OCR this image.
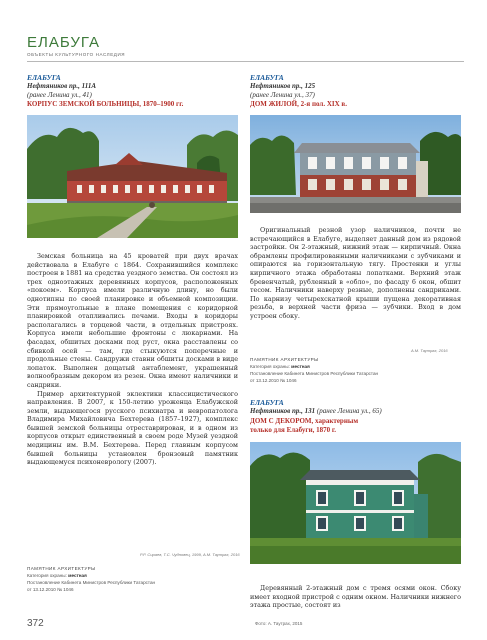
ЕЛАБУГА
ОБЪЕКТЫ КУЛЬТУРНОГО НАСЛЕДИЯ
ЕЛАБУГА
Нефтяников пр., 111А
(ранее Ленина ул., 41)
КОРПУС ЗЕМСКОЙ БОЛЬНИЦЫ, 1870–1900 гг.
ЕЛАБУГА
Нефтяников пр., 125
(ранее Ленина ул., 37)
ДОМ ЖИЛОЙ, 2-я пол. XIX в.

Земская больница на 45 кроватей при двух врачах действовала в Елабуге с 1864. Сохранившийся комплекс построен в 1881 на средства уездного земства. Он состоял из трех одноэтажных деревянных корпусов, расположенных «покоем». Корпуса имели различную длину, но были однотипны по своей планировке и объемной композиции. Эти прямоугольные в плане помещения с коридорной планировкой отапливались печами. Входы в коридоры располагались в торцевой части, в отдельных пристроях. Корпуса имели небольшие фронтоны с люкарнами. На фасадах, обшитых досками под руст, окна расставлены со сбивкой осей — там, где стыкуются поперечные и продольные стены. Сандружи ставни обшиты досками в виде лопаток. Выполнен дощатый антаблемент, украшенный волнообразным декором из резен. Окна имеют наличники и сандрики.

Пример архитектурной эклектики классицистического направления. В 2007, к 150-летию уроженца Елабужской земли, выдающегося русского психиатра и невропатолога Владимира Михайловича Бехтерева (1857–1927), комплекс бывшей земской больницы отреставрирован, и в одном из корпусов открыт единственный в своем роде Музей уездной медицины им. В.М. Бехтерева. Перед главным корпусом бывшей больницы установлен бронзовый памятник выдающемуся психоневрологу (2007).

Р.Р. Сираев, Т.С. Чудновец, 1999, А.М. Таутрах, 2016
ПАМЯТНИК АРХИТЕКТУРЫ
Категория охраны: местная
Постановление Кабинета Министров Республики Татарстан
от 13.12.2010 № 1046

Оригинальный резной узор наличников, почти не встречающийся в Елабуге, выделяет данный дом из рядовой застройки. Он 2-этажный, нижний этаж — кирпичный. Окна обрамлены профилированными наличниками с зубчиками и опираются на горизонтальную тягу. Простенки и углы кирпичного этажа обработаны лопатками. Верхний этаж бревенчатый, рубленный в «обло», по фасаду 6 окон, обшит тесом. Наличники наверху резные, дополнены сандриками. По карнизу четырехскатной крыши пущена декоративная резьба, в верхней части фриза — зубчики. Вход в дом устроен сбоку.

А.М. Таутрах, 2016
ПАМЯТНИК АРХИТЕКТУРЫ
Категория охраны: местная
Постановление Кабинета Министров Республики Татарстан
от 13.12.2010 № 1046
ЕЛАБУГА
Нефтяников пр., 131 (ранее Ленина ул., 65)
ДОМ С ДЕКОРОМ, характерным
только для Елабуги, 1870 г.

Деревянный 2-этажный дом с тремя осями окон. Сбоку имеет входной пристрой с одним окном. Наличники нижнего этажа простые, состоят из

372	Фото: А. Таутрах, 2015
